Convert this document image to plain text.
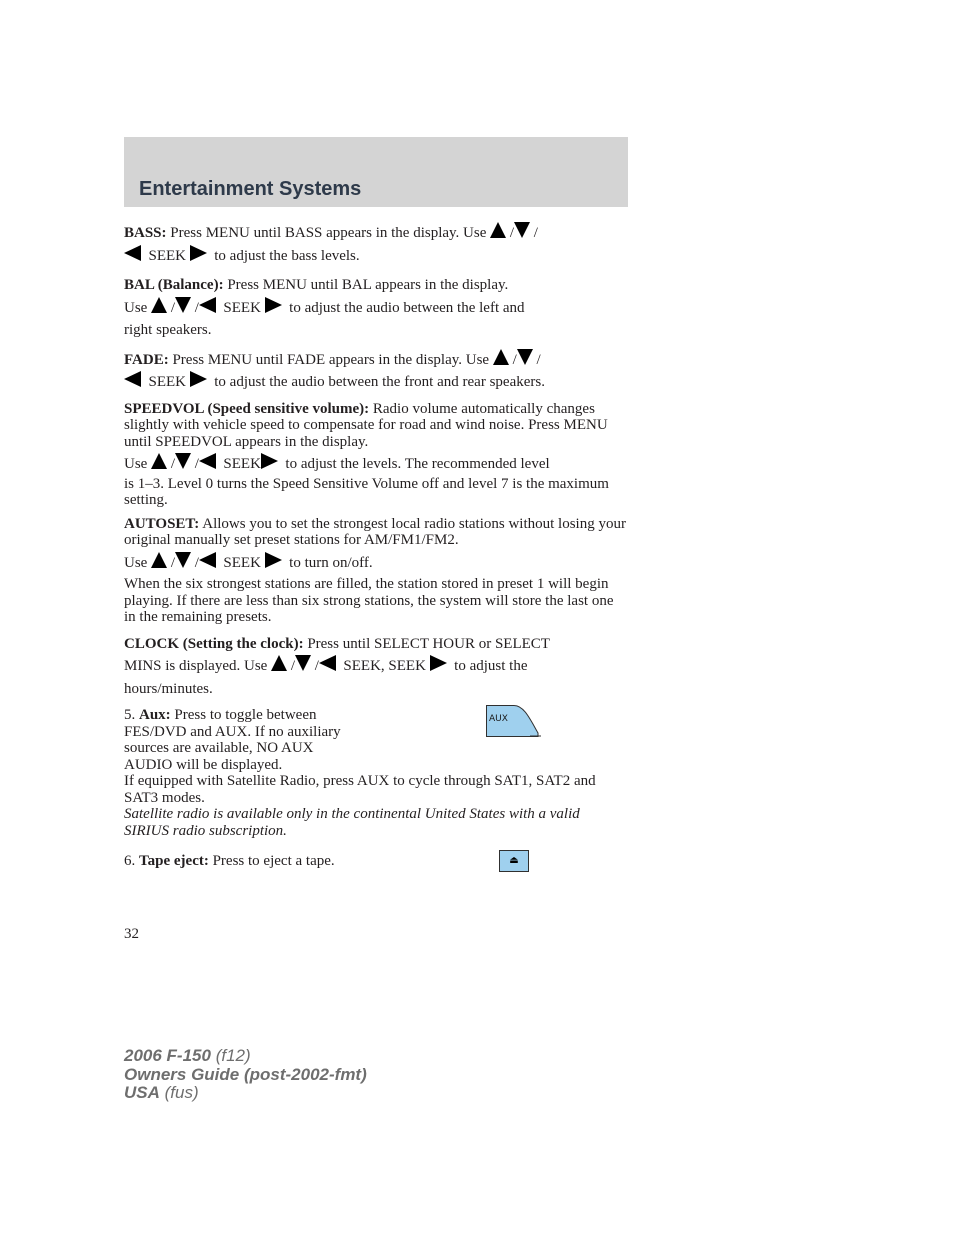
Entertainment Systems
BASS: Press MENU until BASS appears in the display. Use  / /
SEEK to adjust the bass levels.
BAL (Balance): Press MENU until BAL appears in the display.
Use  / / SEEK to adjust the audio between the left and
right speakers.
FADE: Press MENU until FADE appears in the display. Use  / /
SEEK to adjust the audio between the front and rear speakers.
SPEEDVOL (Speed sensitive volume): Radio volume automatically changes slightly with vehicle speed to compensate for road and wind noise. Press MENU until SPEEDVOL appears in the display.
Use  / / SEEK to adjust the levels. The recommended level
is 1–3. Level 0 turns the Speed Sensitive Volume off and level 7 is the maximum setting.
AUTOSET: Allows you to set the strongest local radio stations without losing your original manually set preset stations for AM/FM1/FM2.
Use  / / SEEK to turn on/off.
When the six strongest stations are filled, the station stored in preset 1 will begin playing. If there are less than six strong stations, the system will store the last one in the remaining presets.
CLOCK (Setting the clock): Press until SELECT HOUR or SELECT
MINS is displayed. Use  / / SEEK, SEEK to adjust the
hours/minutes.
5. Aux: Press to toggle between FES/DVD and AUX. If no auxiliary sources are available, NO AUX AUDIO will be displayed.
AUX
If equipped with Satellite Radio, press AUX to cycle through SAT1, SAT2 and SAT3 modes.
Satellite radio is available only in the continental United States with a valid SIRIUS radio subscription.
6. Tape eject: Press to eject a tape.	⏏
32
2006 F-150 (f12)
Owners Guide (post-2002-fmt)
USA (fus)
